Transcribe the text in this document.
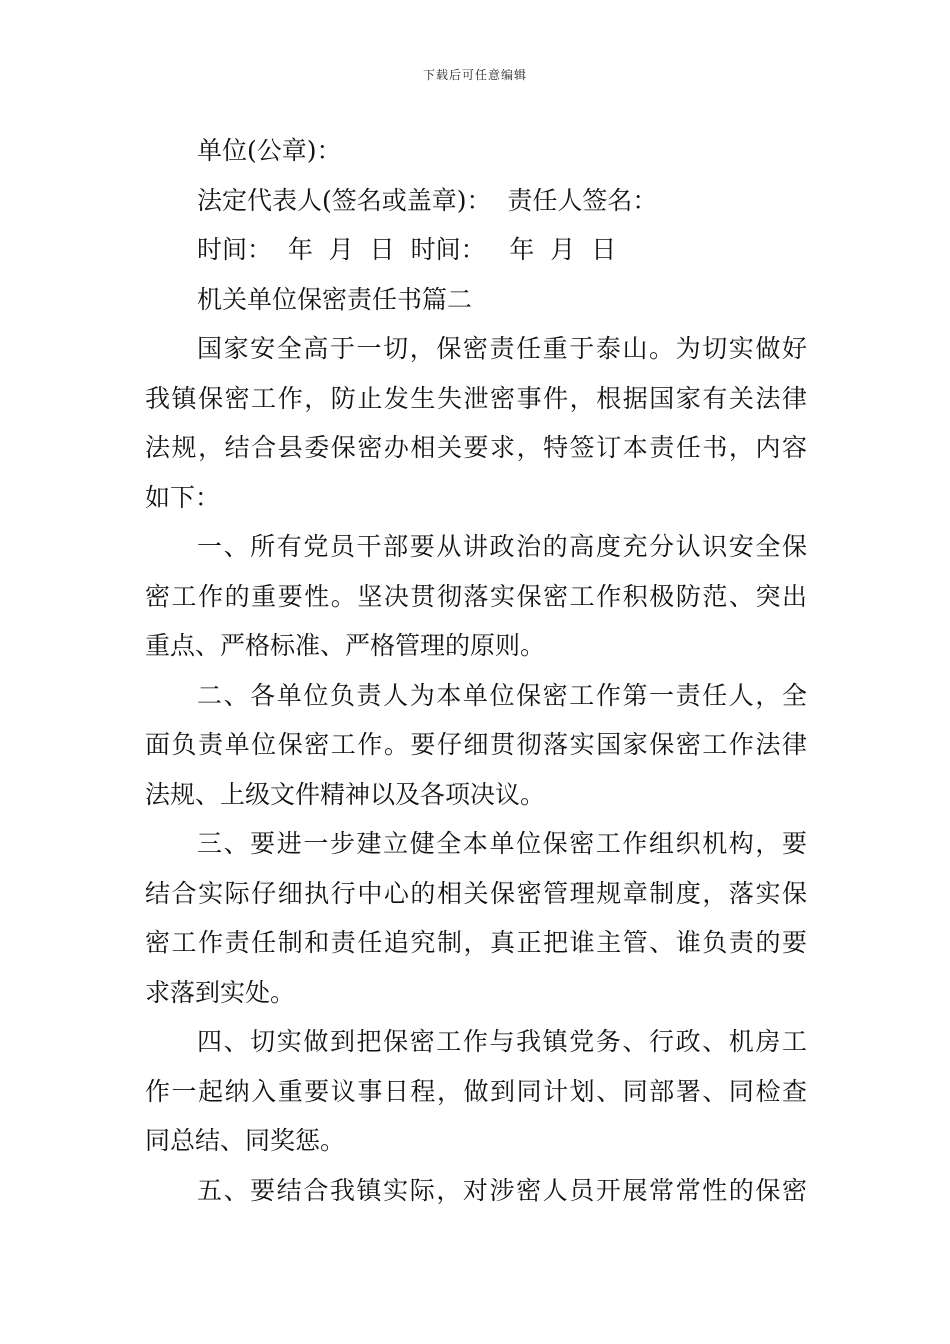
下载后可任意编辑
单位(公章)：
法定代表人(签名或盖章)：  责任人签名：
时间：  年  月  日  时间：   年  月  日
机关单位保密责任书篇二
国家安全高于一切，保密责任重于泰山。为切实做好
我镇保密工作，防止发生失泄密事件，根据国家有关法律
法规，结合县委保密办相关要求，特签订本责任书，内容
如下：
一、所有党员干部要从讲政治的高度充分认识安全保
密工作的重要性。坚决贯彻落实保密工作积极防范、突出
重点、严格标准、严格管理的原则。
二、各单位负责人为本单位保密工作第一责任人，全
面负责单位保密工作。要仔细贯彻落实国家保密工作法律
法规、上级文件精神以及各项决议。
三、要进一步建立健全本单位保密工作组织机构，要
结合实际仔细执行中心的相关保密管理规章制度，落实保
密工作责任制和责任追究制，真正把谁主管、谁负责的要
求落到实处。
四、切实做到把保密工作与我镇党务、行政、机房工
作一起纳入重要议事日程，做到同计划、同部署、同检查
同总结、同奖惩。
五、要结合我镇实际，对涉密人员开展常常性的保密
